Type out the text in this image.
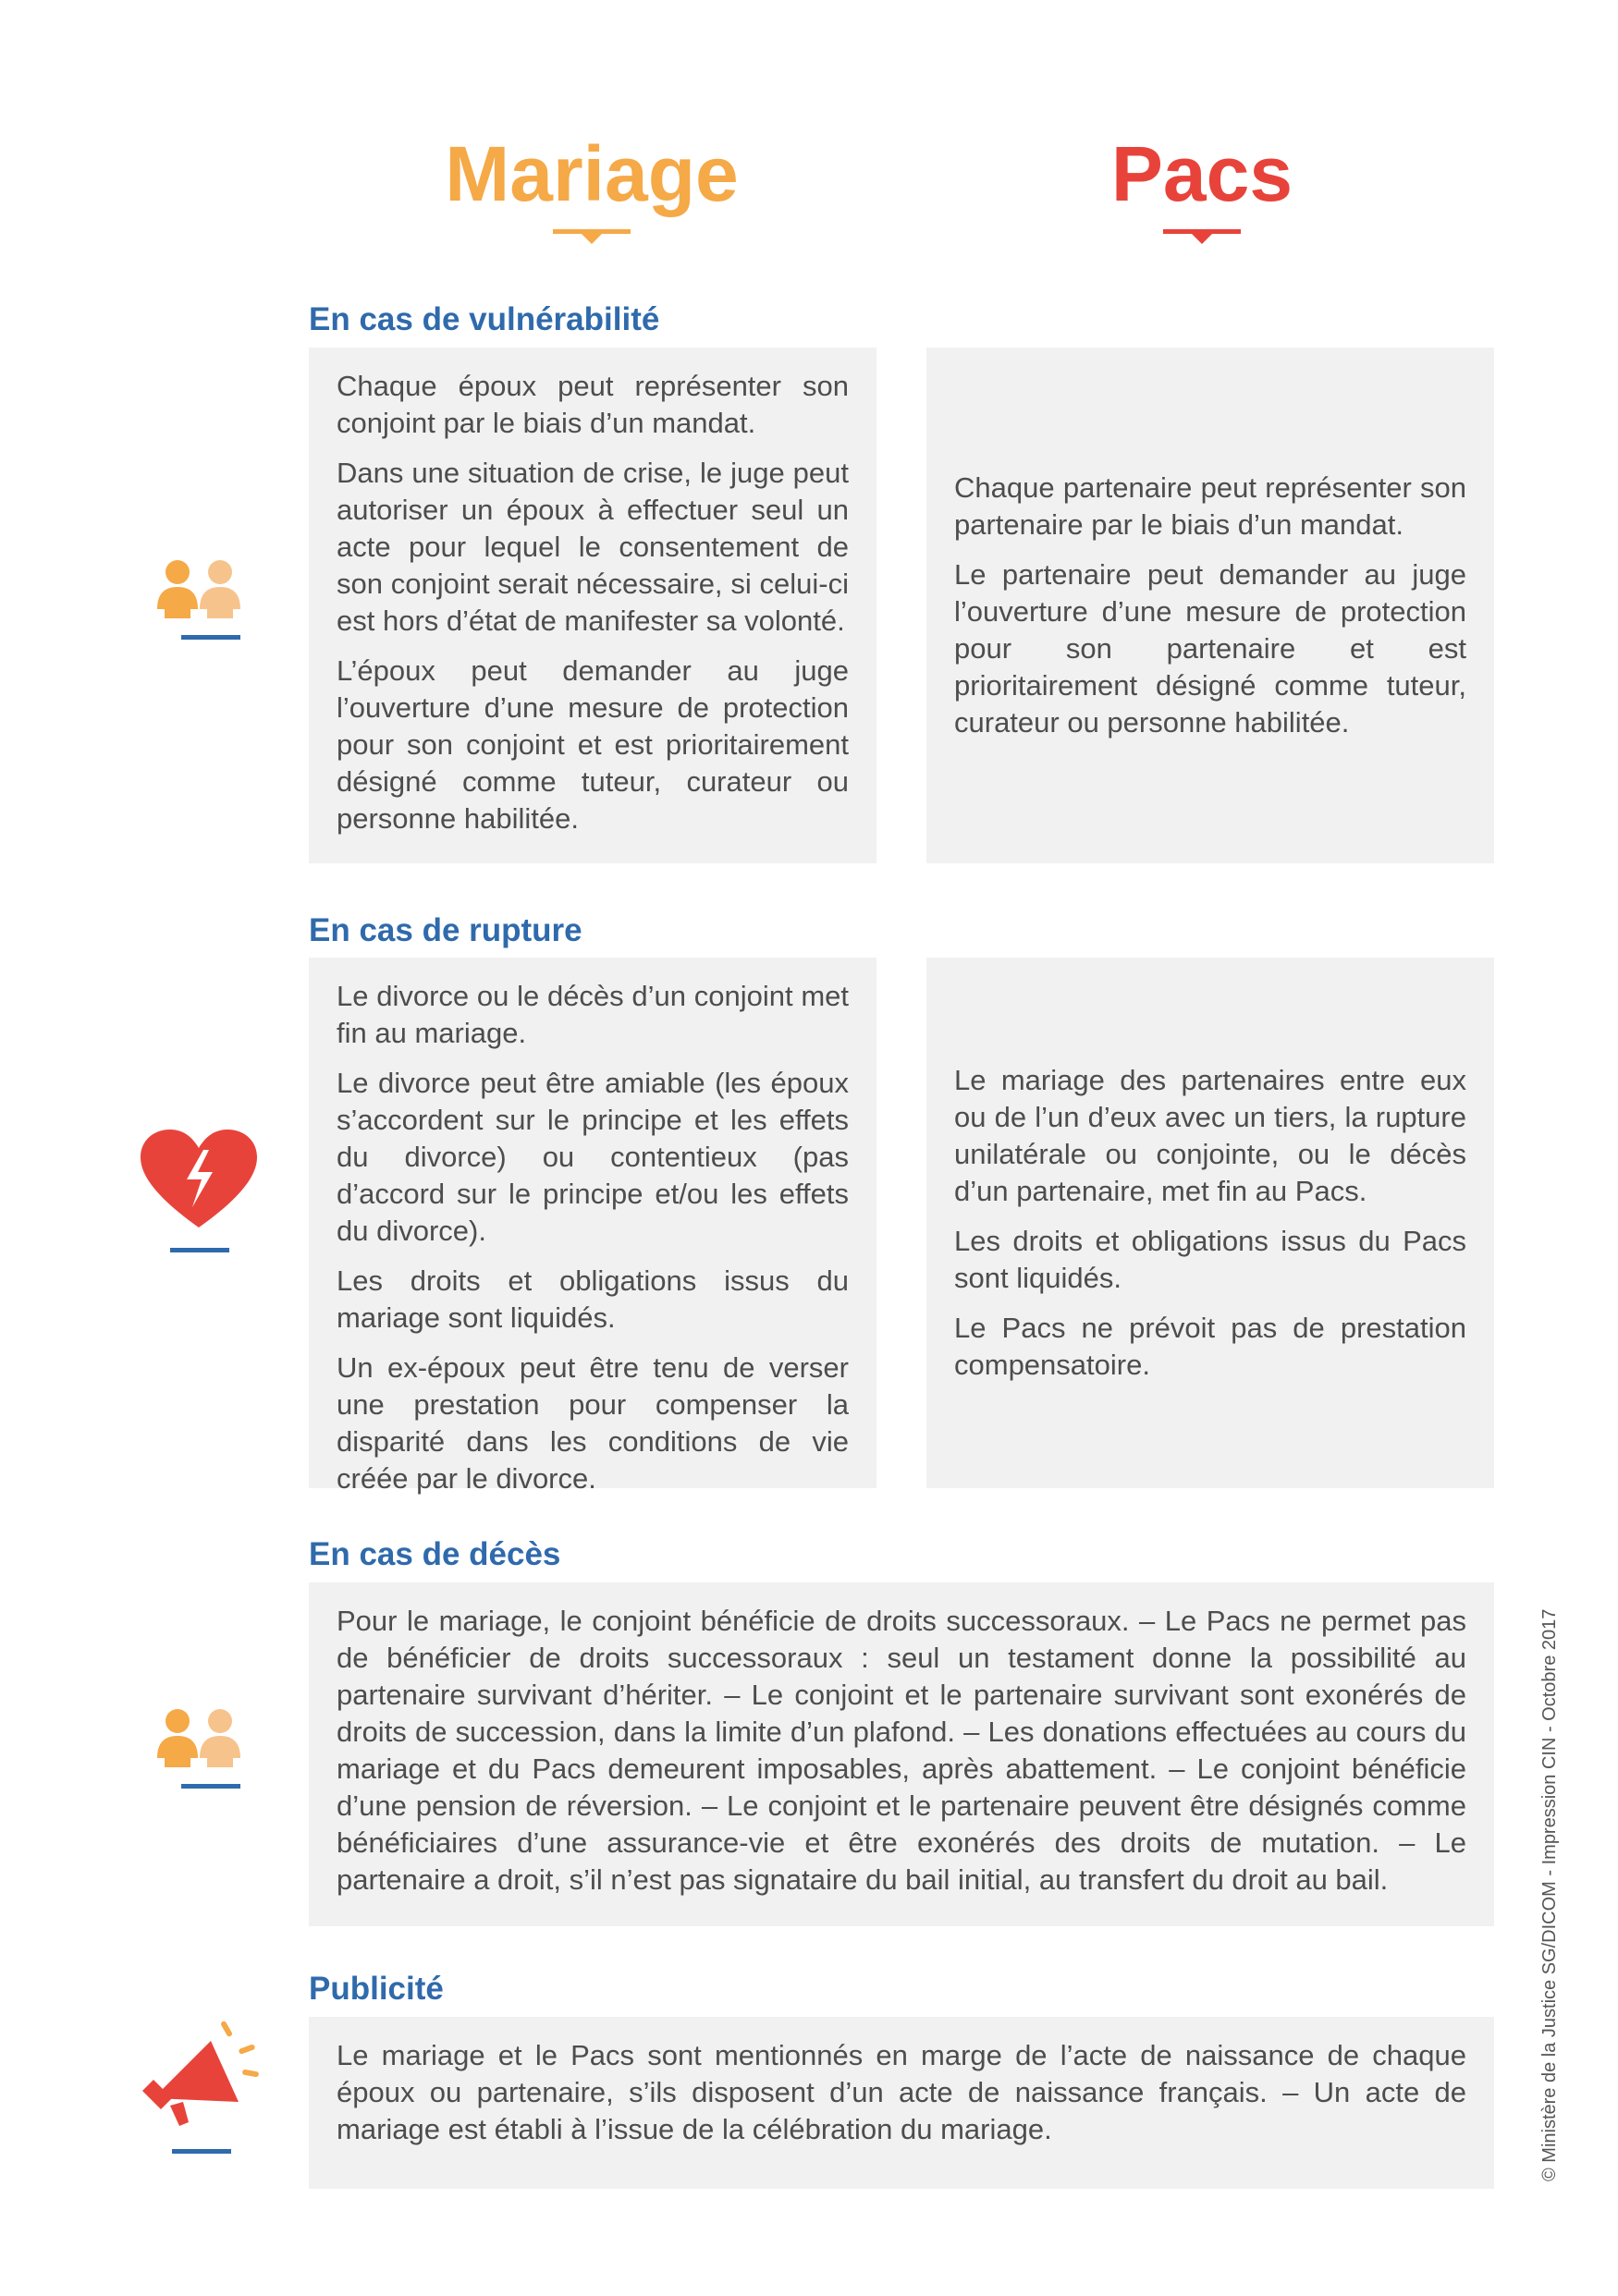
Mariage	Pacs
En cas de vulnérabilité

Chaque époux peut représenter son conjoint par le biais d’un mandat.

Dans une situation de crise, le juge peut autoriser un époux à effectuer seul un acte pour lequel le consentement de son conjoint serait nécessaire, si celui-ci est hors d’état de manifester sa volonté.

L’époux peut demander au juge l’ouverture d’une mesure de protection pour son conjoint et est prioritairement désigné comme tuteur, curateur ou personne habilitée.

Chaque partenaire peut représenter son partenaire par le biais d’un mandat.

Le partenaire peut demander au juge l’ouverture d’une mesure de protection pour son partenaire et est prioritairement désigné comme tuteur, curateur ou personne habilitée.

En cas de rupture

Le divorce ou le décès d’un conjoint met fin au mariage.

Le divorce peut être amiable (les époux s’accordent sur le principe et les effets du divorce) ou contentieux (pas d’accord sur le principe et/ou les effets du divorce).

Les droits et obligations issus du mariage sont liquidés.

Un ex-époux peut être tenu de verser une prestation pour compenser la disparité dans les conditions de vie créée par le divorce.

Le mariage des partenaires entre eux ou de l’un d’eux avec un tiers, la rupture unilatérale ou conjointe, ou le décès d’un partenaire, met fin au Pacs.

Les droits et obligations issus du Pacs sont liquidés.

Le Pacs ne prévoit pas de prestation compensatoire.

En cas de décès

Pour le mariage, le conjoint bénéficie de droits successoraux. – Le Pacs ne permet pas de bénéficier de droits successoraux : seul un testament donne la possibilité au partenaire survivant d’hériter. – Le conjoint et le partenaire survivant sont exonérés de droits de succession, dans la limite d’un plafond. – Les donations effectuées au cours du mariage et du Pacs demeurent imposables, après abattement. – Le conjoint bénéficie d’une pension de réversion. – Le conjoint et le partenaire peuvent être désignés comme bénéficiaires d’une assurance-vie et être exonérés des droits de mutation. – Le partenaire a droit, s’il n’est pas signataire du bail initial, au transfert du droit au bail.

Publicité

Le mariage et le Pacs sont mentionnés en marge de l’acte de naissance de chaque époux ou partenaire, s’ils disposent d’un acte de naissance français. – Un acte de mariage est établi à l’issue de la célébration du mariage.	© Ministère de la Justice SG/DICOM - Impression CIN - Octobre 2017
